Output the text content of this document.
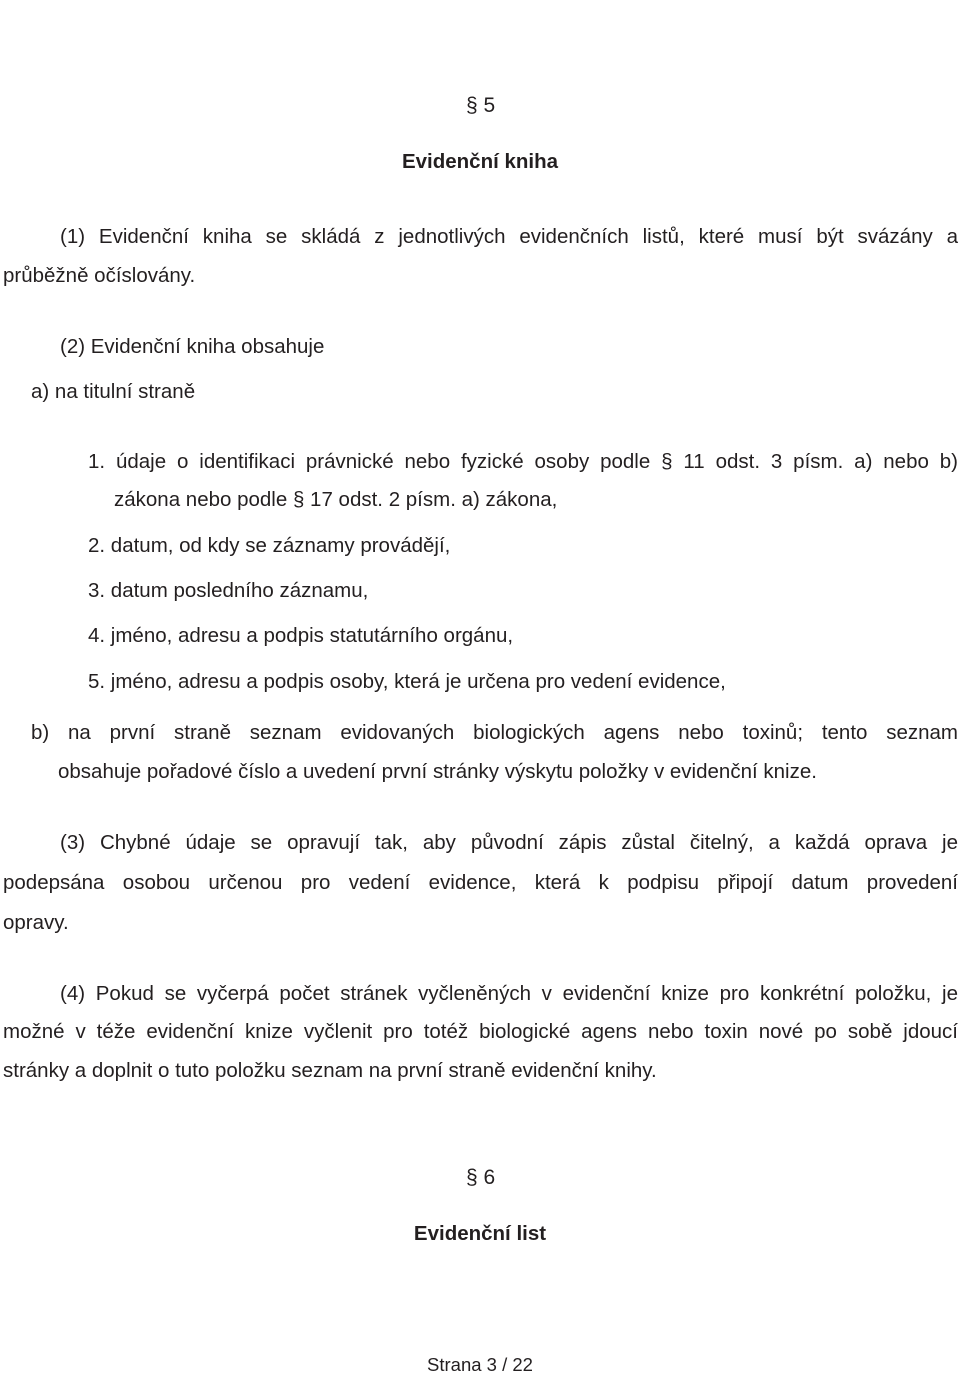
§ 5

Evidenční kniha

(1) Evidenční kniha se skládá z jednotlivých evidenčních listů, které musí být svázány a

průběžně očíslovány.

(2) Evidenční kniha obsahuje

a) na titulní straně

1. údaje o identifikaci právnické nebo fyzické osoby podle § 11 odst. 3 písm. a) nebo b)

zákona nebo podle § 17 odst. 2 písm. a) zákona,

2. datum, od kdy se záznamy provádějí,

3. datum posledního záznamu,

4. jméno, adresu a podpis statutárního orgánu,

5. jméno, adresu a podpis osoby, která je určena pro vedení evidence,

b) na první straně seznam evidovaných biologických agens nebo toxinů; tento seznam

obsahuje pořadové číslo a uvedení první stránky výskytu položky v evidenční knize.

(3) Chybné údaje se opravují tak, aby původní zápis zůstal čitelný, a každá oprava je

podepsána osobou určenou pro vedení evidence, která k podpisu připojí datum provedení

opravy.

(4) Pokud se vyčerpá počet stránek vyčleněných v evidenční knize pro konkrétní položku, je

možné v téže evidenční knize vyčlenit pro totéž biologické agens nebo toxin nové po sobě jdoucí

stránky a doplnit o tuto položku seznam na první straně evidenční knihy.

§ 6

Evidenční list

Strana 3 / 22
